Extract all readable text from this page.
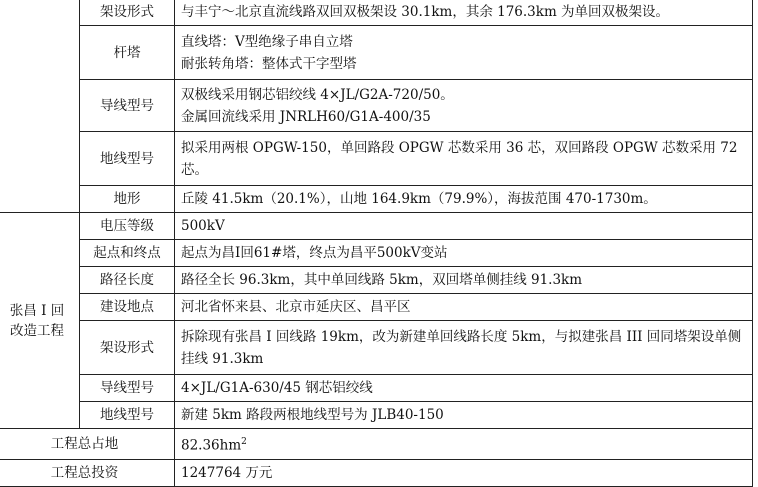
	架设形式	与丰宁～北京直流线路双回双极架设 30.1km，其余 176.3km 为单回双极架设。
	杆塔	直线塔：V型绝缘子串自立塔
耐张转角塔：整体式干字型塔

	导线型号	双极线采用钢芯铝绞线 4×JL/G2A-720/50。
金属回流线采用 JNRLH60/G1A-400/35

	地线型号	拟采用两根 OPGW-150，单回路段 OPGW 芯数采用 36 芯，双回路段 OPGW 芯数采用 72 芯。
	地形	丘陵 41.5km（20.1%），山地 164.9km（79.9%），海拔范围 470-1730m。
张昌 I 回改造工程	电压等级	500kV
	起点和终点	起点为昌Ⅰ回61#塔，终点为昌平500kV变站
	路径长度	路径全长 96.3km，其中单回线路 5km，双回塔单侧挂线 91.3km
	建设地点	河北省怀来县、北京市延庆区、昌平区
	架设形式	拆除现有张昌 I 回线路 19km，改为新建单回线路长度 5km，与拟建张昌 III 回同塔架设单侧挂线 91.3km
	导线型号	4×JL/G1A-630/45 钢芯铝绞线
	地线型号	新建 5km 路段两根地线型号为 JLB40-150
工程总占地		$82.36hm^2$
工程总投资		1247764 万元
